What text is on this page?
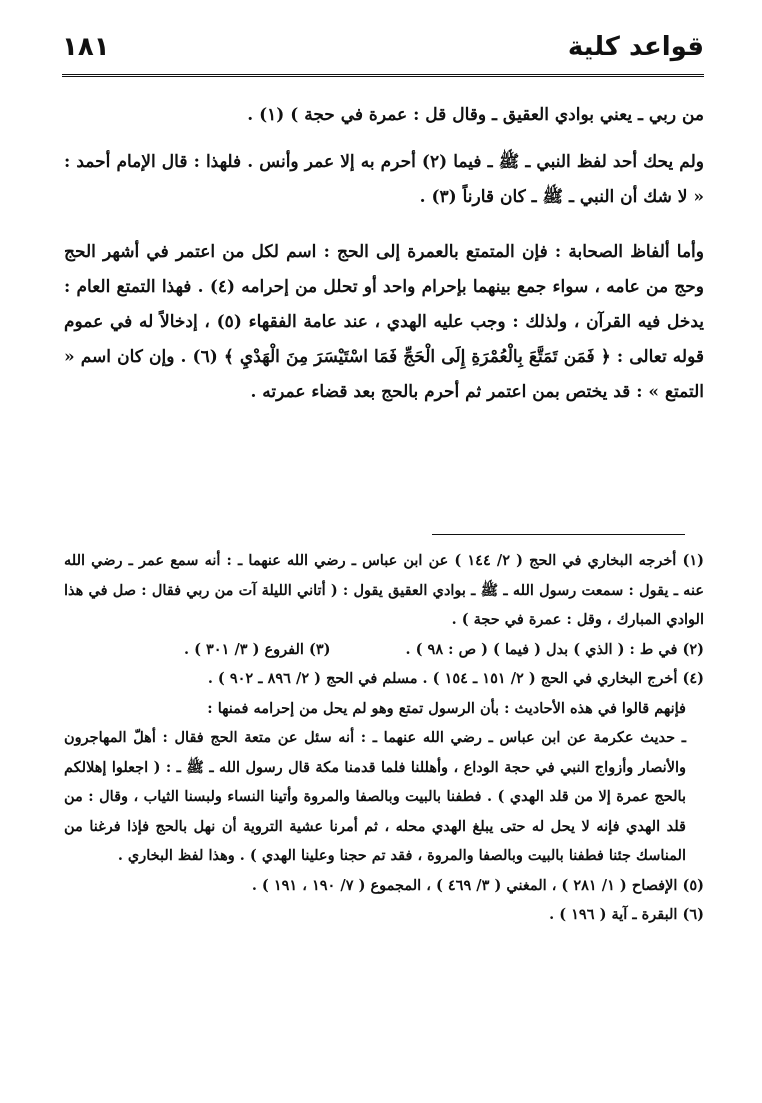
قواعد كلية
١٨١

من ربي ـ يعني بوادي العقيق ـ وقال قل : عمرة في حجة ) (١) .

ولم يحك أحد لفظ النبي ـ ﷺ ـ فيما (٢) أحرم به إلا عمر وأنس . فلهذا : قال الإمام أحمد : « لا شك أن النبي ـ ﷺ ـ كان قارناً (٣) .

وأما ألفاظ الصحابة : فإن المتمتع بالعمرة إلى الحج : اسم لكل من اعتمر في أشهر الحج وحج من عامه ، سواء جمع بينهما بإحرام واحد أو تحلل من إحرامه (٤) . فهذا التمتع العام : يدخل فيه القرآن ، ولذلك : وجب عليه الهدي ، عند عامة الفقهاء (٥) ، إدخالاً له في عموم قوله تعالى : ﴿ فَمَن تَمَتَّعَ بِالْعُمْرَةِ إِلَى الْحَجِّ فَمَا اسْتَيْسَرَ مِنَ الْهَدْيِ ﴾ (٦) . وإن كان اسم « التمتع » : قد يختص بمن اعتمر ثم أحرم بالحج بعد قضاء عمرته .

(١) أخرجه البخاري في الحج ( ٢/ ١٤٤ ) عن ابن عباس ـ رضي الله عنهما ـ : أنه سمع عمر ـ رضي الله عنه ـ يقول : سمعت رسول الله ـ ﷺ ـ بوادي العقيق يقول : ( أتاني الليلة آت من ربي فقال : صل في هذا الوادي المبارك ، وقل : عمرة في حجة ) .

(٢) في ط : ( الذي ) بدل ( فيما ) ( ص : ٩٨ ) .
(٣) الفروع ( ٣/ ٣٠١ ) .

(٤) أخرج البخاري في الحج ( ٢/ ١٥١ ـ ١٥٤ ) . مسلم في الحج ( ٢/ ٨٩٦ ـ ٩٠٢ ) .

فإنهم قالوا في هذه الأحاديث : بأن الرسول تمتع وهو لم يحل من إحرامه فمنها :

ـ حديث عكرمة عن ابن عباس ـ رضي الله عنهما ـ : أنه سئل عن متعة الحج فقال : أهلّ المهاجرون والأنصار وأزواج النبي في حجة الوداع ، وأهللنا فلما قدمنا مكة قال رسول الله ـ ﷺ ـ : ( اجعلوا إهلالكم بالحج عمرة إلا من قلد الهدي ) . فطفنا بالبيت وبالصفا والمروة وأتينا النساء ولبسنا الثياب ، وقال : من قلد الهدي فإنه لا يحل له حتى يبلغ الهدي محله ، ثم أمرنا عشية التروية أن نهل بالحج فإذا فرغنا من المناسك جئنا فطفنا بالبيت وبالصفا والمروة ، فقد تم حجنا وعلينا الهدي ) . وهذا لفظ البخاري .

(٥) الإفصاح ( ١/ ٢٨١ ) ، المغني ( ٣/ ٤٦٩ ) ، المجموع ( ٧/ ١٩٠ ، ١٩١ ) .

(٦) البقرة ـ آية ( ١٩٦ ) .
